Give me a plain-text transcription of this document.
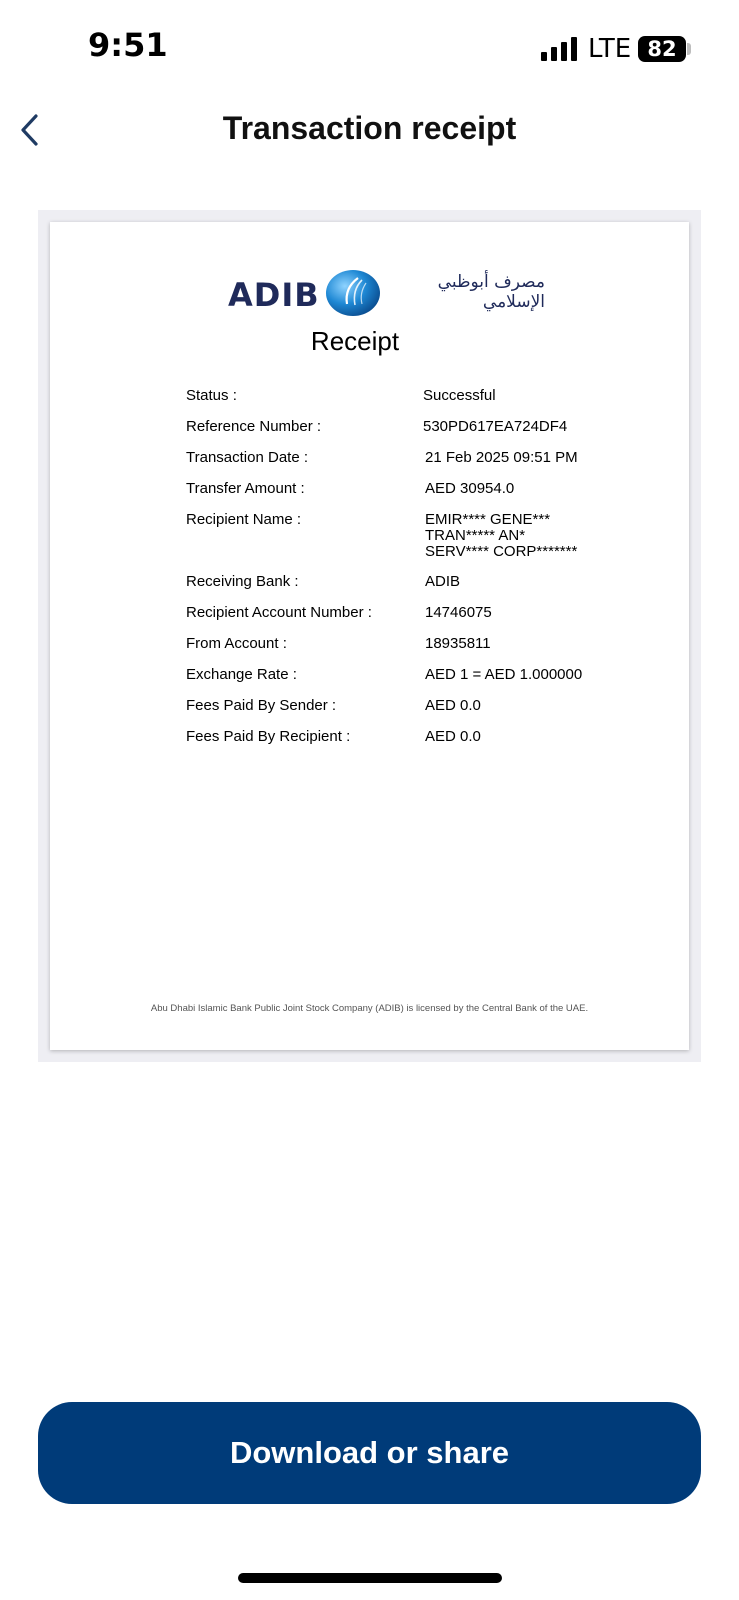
9:51	LTE 82
Transaction receipt
ADIB	مصرف أبوظبي الإسلامي
Receipt
Status :	Successful
Reference Number :	530PD617EA724DF4
Transaction Date :	21 Feb 2025 09:51 PM
Transfer Amount :	AED 30954.0
Recipient Name :	EMIR**** GENE***
TRAN***** AN*
SERV**** CORP*******
Receiving Bank :	ADIB
Recipient Account Number :	14746075
From Account :	18935811
Exchange Rate :	AED 1 = AED 1.000000
Fees Paid By Sender :	AED 0.0
Fees Paid By Recipient :	AED 0.0
Abu Dhabi Islamic Bank Public Joint Stock Company (ADIB) is licensed by the Central Bank of the UAE.
Download or share
